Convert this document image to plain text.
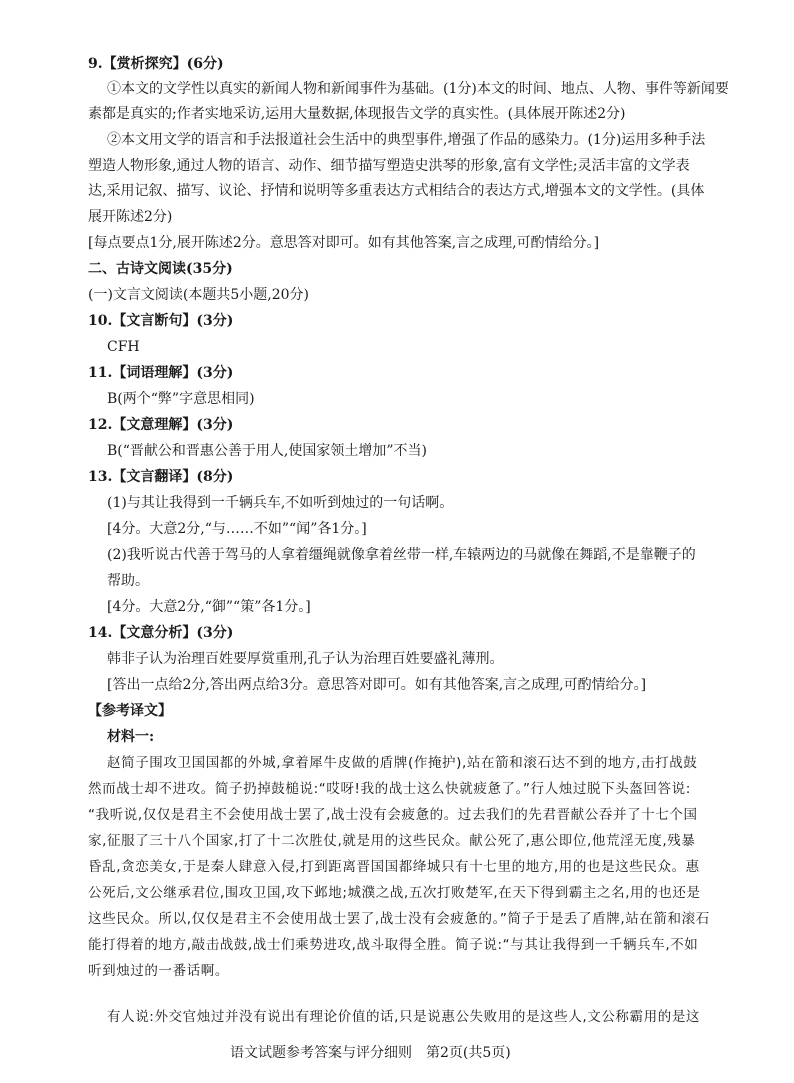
9.【赏析探究】(6分)
①本文的文学性以真实的新闻人物和新闻事件为基础。(1分)本文的时间、地点、人物、事件等新闻要
素都是真实的;作者实地采访,运用大量数据,体现报告文学的真实性。(具体展开陈述2分)
②本文用文学的语言和手法报道社会生活中的典型事件,增强了作品的感染力。(1分)运用多种手法
塑造人物形象,通过人物的语言、动作、细节描写塑造史洪琴的形象,富有文学性;灵活丰富的文学表
达,采用记叙、描写、议论、抒情和说明等多重表达方式相结合的表达方式,增强本文的文学性。(具体
展开陈述2分)
[每点要点1分,展开陈述2分。意思答对即可。如有其他答案,言之成理,可酌情给分。]
二、古诗文阅读(35分)
(一)文言文阅读(本题共5小题,20分)
10.【文言断句】(3分)
CFH
11.【词语理解】(3分)
B(两个“弊”字意思相同)
12.【文意理解】(3分)
B(“晋献公和晋惠公善于用人,使国家领土增加”不当)
13.【文言翻译】(8分)
(1)与其让我得到一千辆兵车,不如听到烛过的一句话啊。
[4分。大意2分,“与……不如”“闻”各1分。]
(2)我听说古代善于驾马的人拿着缰绳就像拿着丝带一样,车辕两边的马就像在舞蹈,不是靠鞭子的
帮助。
[4分。大意2分,“御”“策”各1分。]
14.【文意分析】(3分)
韩非子认为治理百姓要厚赏重刑,孔子认为治理百姓要盛礼薄刑。
[答出一点给2分,答出两点给3分。意思答对即可。如有其他答案,言之成理,可酌情给分。]
【参考译文】
材料一:
赵简子围攻卫国国都的外城,拿着犀牛皮做的盾牌(作掩护),站在箭和滚石达不到的地方,击打战鼓
然而战士却不进攻。简子扔掉鼓槌说:“哎呀!我的战士这么快就疲惫了。”行人烛过脱下头盔回答说:
“我听说,仅仅是君主不会使用战士罢了,战士没有会疲惫的。过去我们的先君晋献公吞并了十七个国
家,征服了三十八个国家,打了十二次胜仗,就是用的这些民众。献公死了,惠公即位,他荒淫无度,残暴
昏乱,贪恋美女,于是秦人肆意入侵,打到距离晋国国都绛城只有十七里的地方,用的也是这些民众。惠
公死后,文公继承君位,围攻卫国,攻下邺地;城濮之战,五次打败楚军,在天下得到霸主之名,用的也还是
这些民众。所以,仅仅是君主不会使用战士罢了,战士没有会疲惫的。”简子于是丢了盾牌,站在箭和滚石
能打得着的地方,敲击战鼓,战士们乘势进攻,战斗取得全胜。简子说:“与其让我得到一千辆兵车,不如
听到烛过的一番话啊。
有人说:外交官烛过并没有说出有理论价值的话,只是说惠公失败用的是这些人,文公称霸用的是这
语文试题参考答案与评分细则　第2页(共5页)
